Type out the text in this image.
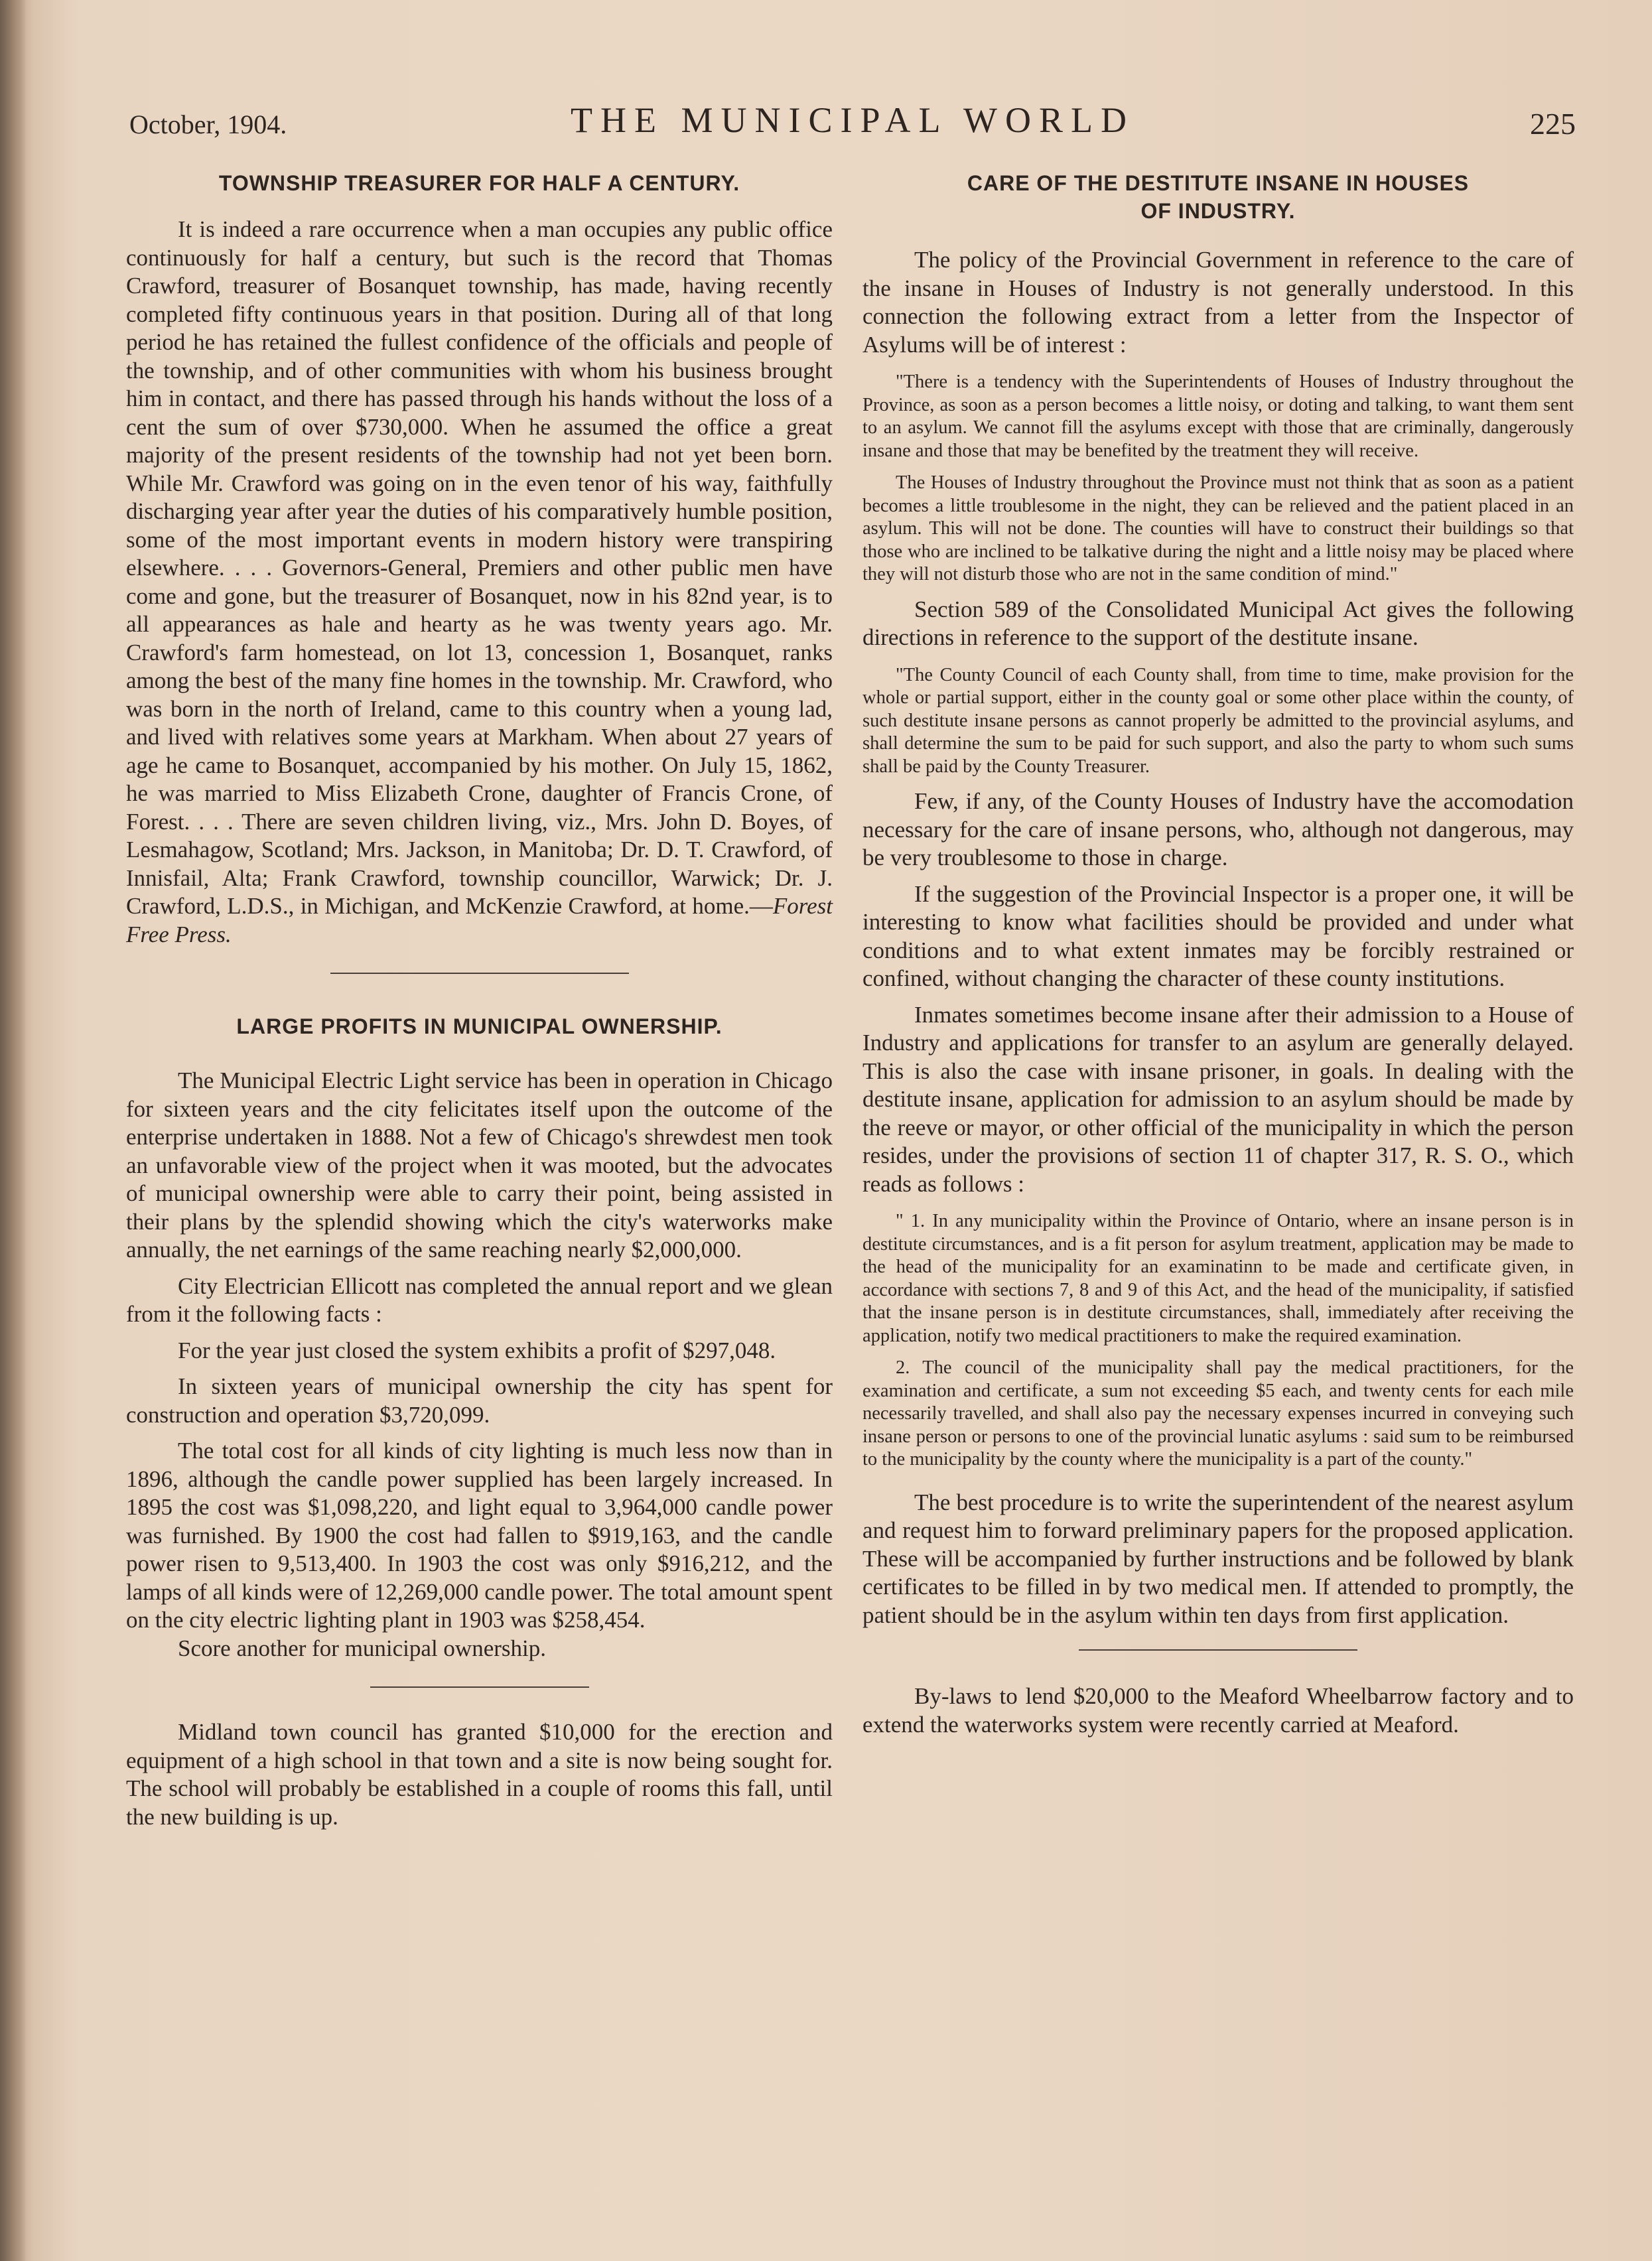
October, 1904.	THE MUNICIPAL WORLD	225
TOWNSHIP TREASURER FOR HALF A CENTURY.

It is indeed a rare occurrence when a man occupies any public office continuously for half a century, but such is the record that Thomas Crawford, treasurer of Bosanquet township, has made, having recently completed fifty continuous years in that position. During all of that long period he has retained the fullest confidence of the officials and people of the township, and of other communities with whom his business brought him in contact, and there has passed through his hands without the loss of a cent the sum of over $730,000. When he assumed the office a great majority of the present residents of the township had not yet been born. While Mr. Crawford was going on in the even tenor of his way, faithfully discharging year after year the duties of his comparatively humble position, some of the most important events in modern history were transpiring elsewhere. . . . Governors-General, Premiers and other public men have come and gone, but the treasurer of Bosanquet, now in his 82nd year, is to all appearances as hale and hearty as he was twenty years ago. Mr. Crawford's farm homestead, on lot 13, concession 1, Bosanquet, ranks among the best of the many fine homes in the township. Mr. Crawford, who was born in the north of Ireland, came to this country when a young lad, and lived with relatives some years at Markham. When about 27 years of age he came to Bosanquet, accompanied by his mother. On July 15, 1862, he was married to Miss Elizabeth Crone, daughter of Francis Crone, of Forest. . . . There are seven children living, viz., Mrs. John D. Boyes, of Lesmahagow, Scotland; Mrs. Jackson, in Manitoba; Dr. D. T. Crawford, of Innisfail, Alta; Frank Crawford, township councillor, Warwick; Dr. J. Crawford, L.D.S., in Michigan, and McKenzie Crawford, at home.—Forest Free Press.

LARGE PROFITS IN MUNICIPAL OWNERSHIP.

The Municipal Electric Light service has been in operation in Chicago for sixteen years and the city felicitates itself upon the outcome of the enterprise undertaken in 1888. Not a few of Chicago's shrewdest men took an unfavorable view of the project when it was mooted, but the advocates of municipal ownership were able to carry their point, being assisted in their plans by the splendid showing which the city's waterworks make annually, the net earnings of the same reaching nearly $2,000,000.

City Electrician Ellicott nas completed the annual report and we glean from it the following facts :

For the year just closed the system exhibits a profit of $297,048.

In sixteen years of municipal ownership the city has spent for construction and operation $3,720,099.

The total cost for all kinds of city lighting is much less now than in 1896, although the candle power supplied has been largely increased. In 1895 the cost was $1,098,220, and light equal to 3,964,000 candle power was furnished. By 1900 the cost had fallen to $919,163, and the candle power risen to 9,513,400. In 1903 the cost was only $916,212, and the lamps of all kinds were of 12,269,000 candle power. The total amount spent on the city electric lighting plant in 1903 was $258,454.

Score another for municipal ownership.

Midland town council has granted $10,000 for the erection and equipment of a high school in that town and a site is now being sought for. The school will probably be established in a couple of rooms this fall, until the new building is up.

CARE OF THE DESTITUTE INSANE IN HOUSES
OF INDUSTRY.

The policy of the Provincial Government in reference to the care of the insane in Houses of Industry is not generally understood. In this connection the following extract from a letter from the Inspector of Asylums will be of interest :

"There is a tendency with the Superintendents of Houses of Industry throughout the Province, as soon as a person becomes a little noisy, or doting and talking, to want them sent to an asylum. We cannot fill the asylums except with those that are criminally, dangerously insane and those that may be benefited by the treatment they will receive.

The Houses of Industry throughout the Province must not think that as soon as a patient becomes a little troublesome in the night, they can be relieved and the patient placed in an asylum. This will not be done. The counties will have to construct their buildings so that those who are inclined to be talkative during the night and a little noisy may be placed where they will not disturb those who are not in the same condition of mind."

Section 589 of the Consolidated Municipal Act gives the following directions in reference to the support of the destitute insane.

"The County Council of each County shall, from time to time, make provision for the whole or partial support, either in the county goal or some other place within the county, of such destitute insane persons as cannot properly be admitted to the provincial asylums, and shall determine the sum to be paid for such support, and also the party to whom such sums shall be paid by the County Treasurer.

Few, if any, of the County Houses of Industry have the accomodation necessary for the care of insane persons, who, although not dangerous, may be very troublesome to those in charge.

If the suggestion of the Provincial Inspector is a proper one, it will be interesting to know what facilities should be provided and under what conditions and to what extent inmates may be forcibly restrained or confined, without changing the character of these county institutions.

Inmates sometimes become insane after their admission to a House of Industry and applications for transfer to an asylum are generally delayed. This is also the case with insane prisoner, in goals. In dealing with the destitute insane, application for admission to an asylum should be made by the reeve or mayor, or other official of the municipality in which the person resides, under the provisions of section 11 of chapter 317, R. S. O., which reads as follows :

" 1. In any municipality within the Province of Ontario, where an insane person is in destitute circumstances, and is a fit person for asylum treatment, application may be made to the head of the municipality for an examinatinn to be made and certificate given, in accordance with sections 7, 8 and 9 of this Act, and the head of the municipality, if satisfied that the insane person is in destitute circumstances, shall, immediately after receiving the application, notify two medical practitioners to make the required examination.

2. The council of the municipality shall pay the medical practitioners, for the examination and certificate, a sum not exceeding $5 each, and twenty cents for each mile necessarily travelled, and shall also pay the necessary expenses incurred in conveying such insane person or persons to one of the provincial lunatic asylums : said sum to be reimbursed to the municipality by the county where the municipality is a part of the county."

The best procedure is to write the superintendent of the nearest asylum and request him to forward preliminary papers for the proposed application. These will be accompanied by further instructions and be followed by blank certificates to be filled in by two medical men. If attended to promptly, the patient should be in the asylum within ten days from first application.

By-laws to lend $20,000 to the Meaford Wheelbarrow factory and to extend the waterworks system were recently carried at Meaford.
